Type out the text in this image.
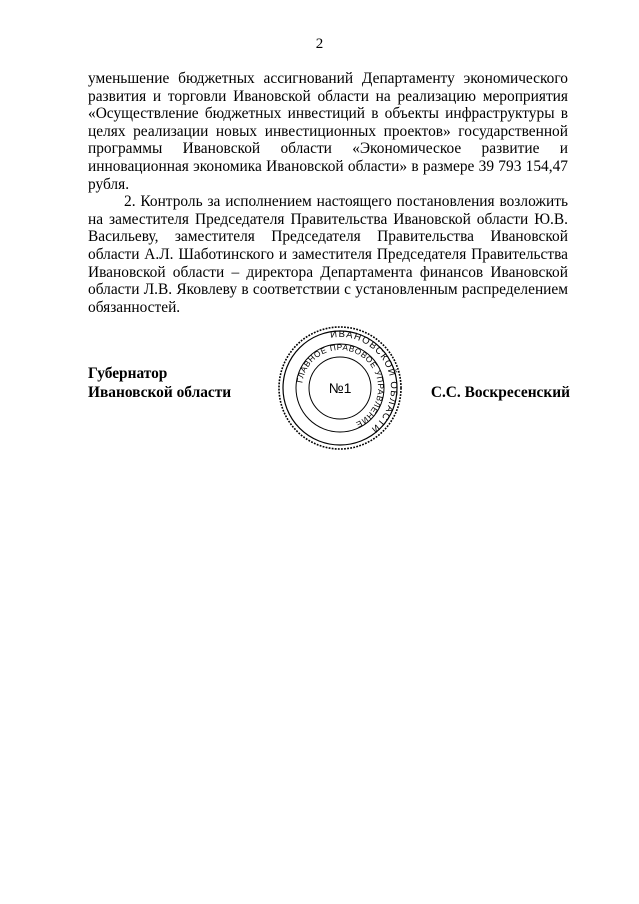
2

уменьшение бюджетных ассигнований Департаменту экономического развития и торговли Ивановской области на реализацию мероприятия «Осуществление бюджетных инвестиций в объекты инфраструктуры в целях реализации новых инвестиционных проектов» государственной программы Ивановской области «Экономическое развитие и инновационная экономика Ивановской области» в размере 39 793 154,47 рубля.

2. Контроль за исполнением настоящего постановления возложить на заместителя Председателя Правительства Ивановской области Ю.В. Васильеву, заместителя Председателя Правительства Ивановской области А.Л. Шаботинского и заместителя Председателя Правительства Ивановской области – директора Департамента финансов Ивановской области Л.В. Яковлеву в соответствии с установленным распределением обязанностей.

Губернатор
Ивановской области
ИВАНОВСКОЙ ОБЛАСТИ
ГЛАВНОЕ ПРАВОВОЕ УПРАВЛЕНИЕ
№1	С.С. Воскресенский
